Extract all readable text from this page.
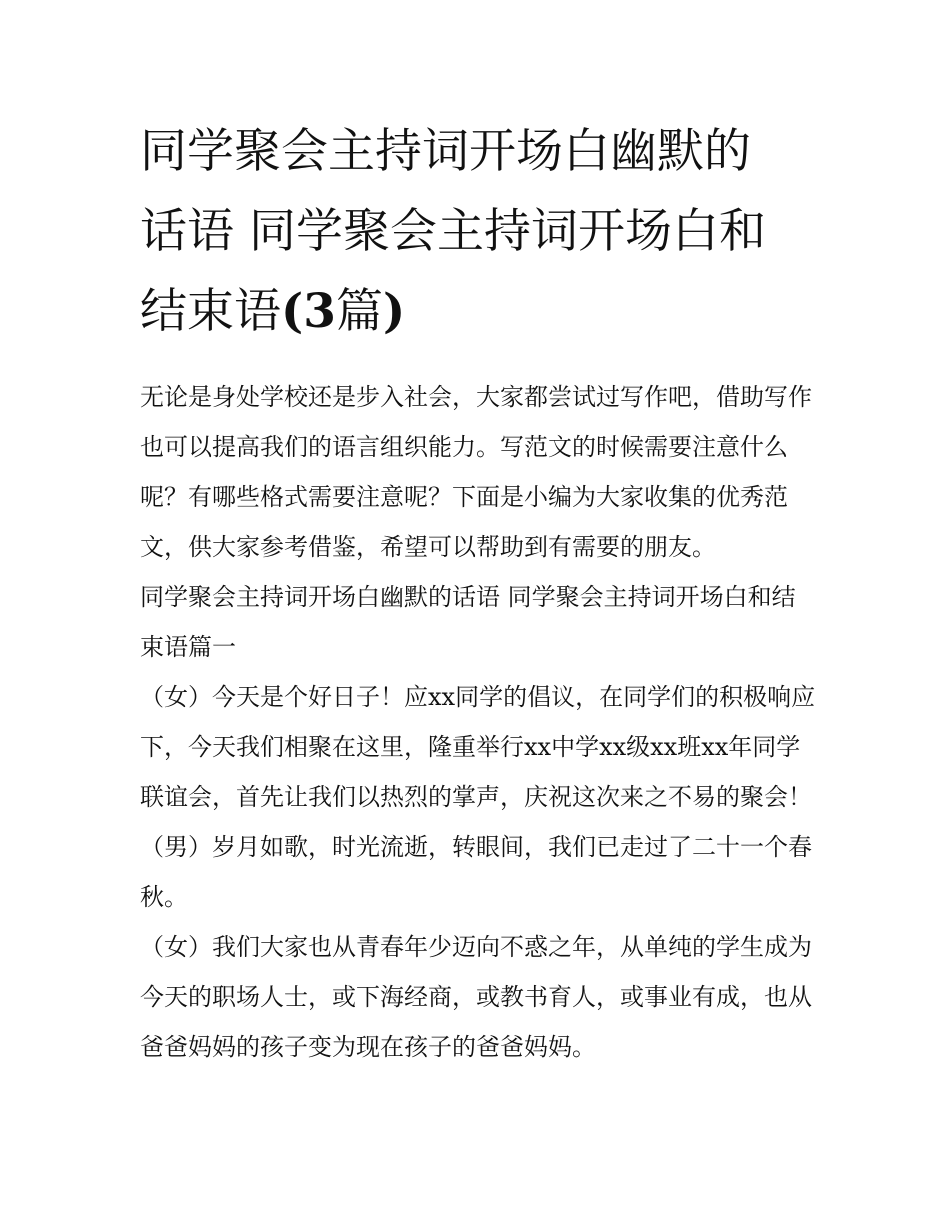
同学聚会主持词开场白幽默的
话语 同学聚会主持词开场白和
结束语(3篇)

无论是身处学校还是步入社会，大家都尝试过写作吧，借助写作也可以提高我们的语言组织能力。写范文的时候需要注意什么呢？有哪些格式需要注意呢？下面是小编为大家收集的优秀范文，供大家参考借鉴，希望可以帮助到有需要的朋友。

同学聚会主持词开场白幽默的话语 同学聚会主持词开场白和结束语篇一

（女）今天是个好日子！应xx同学的倡议，在同学们的积极响应下，今天我们相聚在这里，隆重举行xx中学xx级xx班xx年同学联谊会，首先让我们以热烈的掌声，庆祝这次来之不易的聚会！

（男）岁月如歌，时光流逝，转眼间，我们已走过了二十一个春秋。

（女）我们大家也从青春年少迈向不惑之年，从单纯的学生成为今天的职场人士，或下海经商，或教书育人，或事业有成，也从爸爸妈妈的孩子变为现在孩子的爸爸妈妈。
